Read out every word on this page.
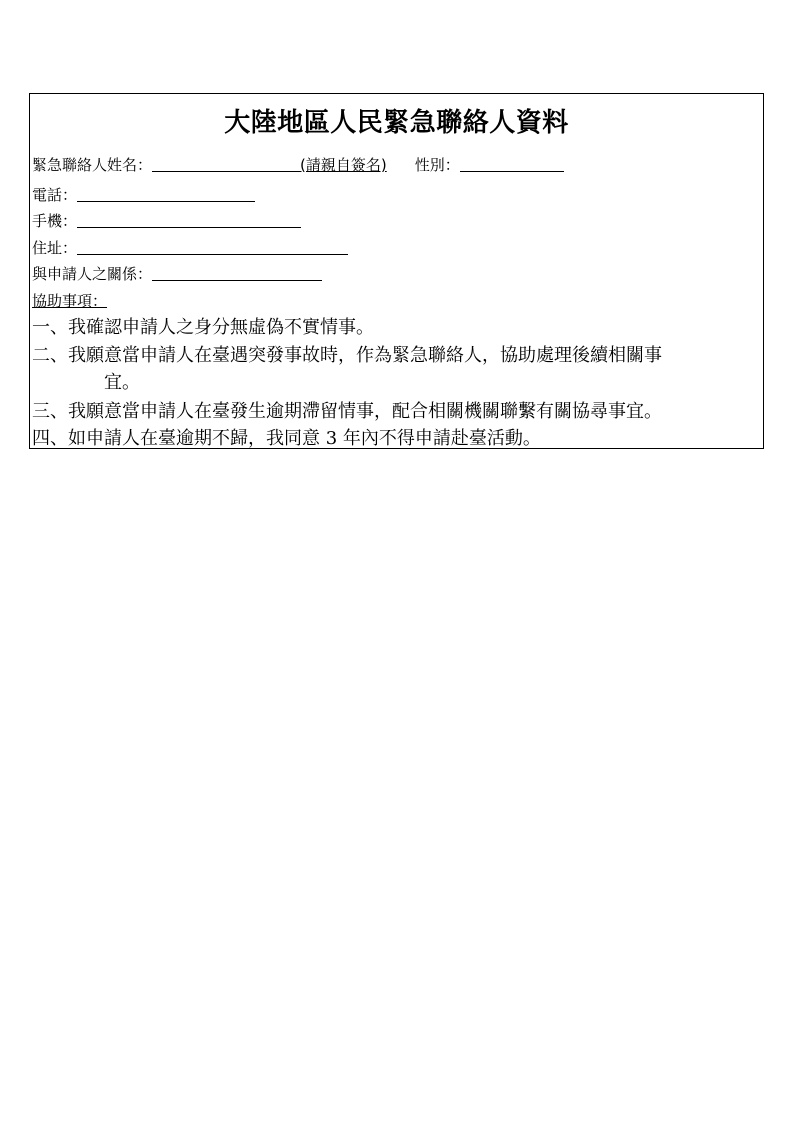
大陸地區人民緊急聯絡人資料
緊急聯絡人姓名：	(請親自簽名) 性別：
電話：
手機：
住址：
與申請人之關係：
協助事項：
一、我確認申請人之身分無虛偽不實情事。
二、我願意當申請人在臺遇突發事故時，作為緊急聯絡人，協助處理後續相關事
宜。
三、我願意當申請人在臺發生逾期滯留情事，配合相關機關聯繫有關協尋事宜。
四、如申請人在臺逾期不歸，我同意 3 年內不得申請赴臺活動。
